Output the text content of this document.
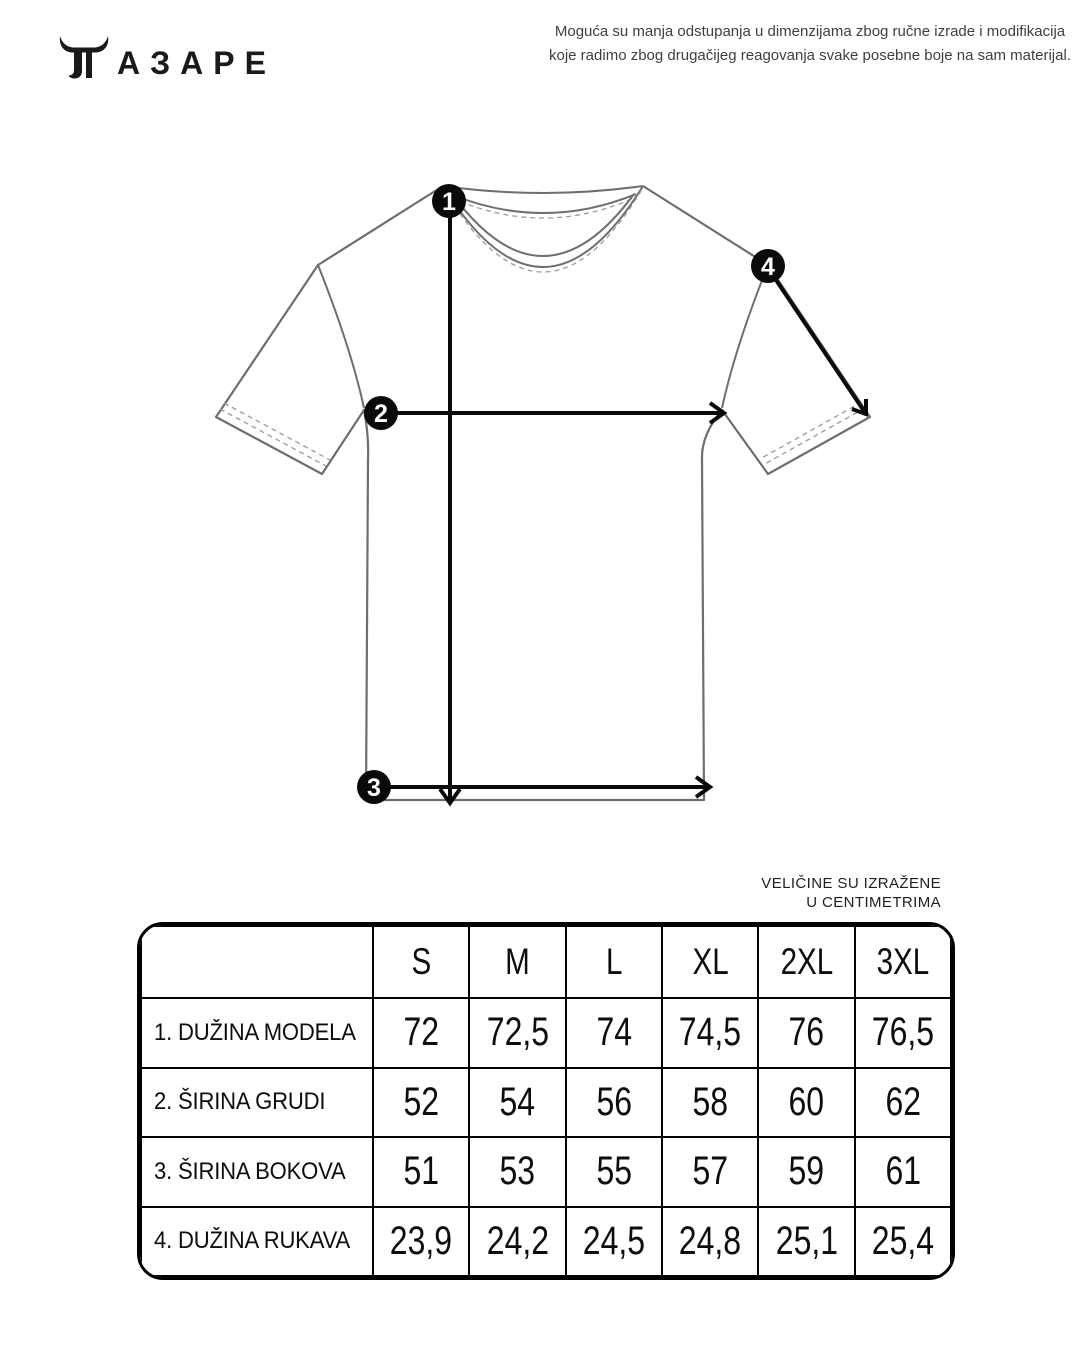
АЗАРЕ
Moguća su manja odstupanja u dimenzijama zbog ručne izrade i modifikacija
koje radimo zbog drugačijeg reagovanja svake posebne boje na sam materijal.
1
2
3
4
VELIČINE SU IZRAŽENE
U CENTIMETRIMA
	S	M	L	XL	2XL	3XL
1. DUŽINA MODELA	72	72,5	74	74,5	76	76,5
2. ŠIRINA GRUDI	52	54	56	58	60	62
3. ŠIRINA BOKOVA	51	53	55	57	59	61
4. DUŽINA RUKAVA	23,9	24,2	24,5	24,8	25,1	25,4
